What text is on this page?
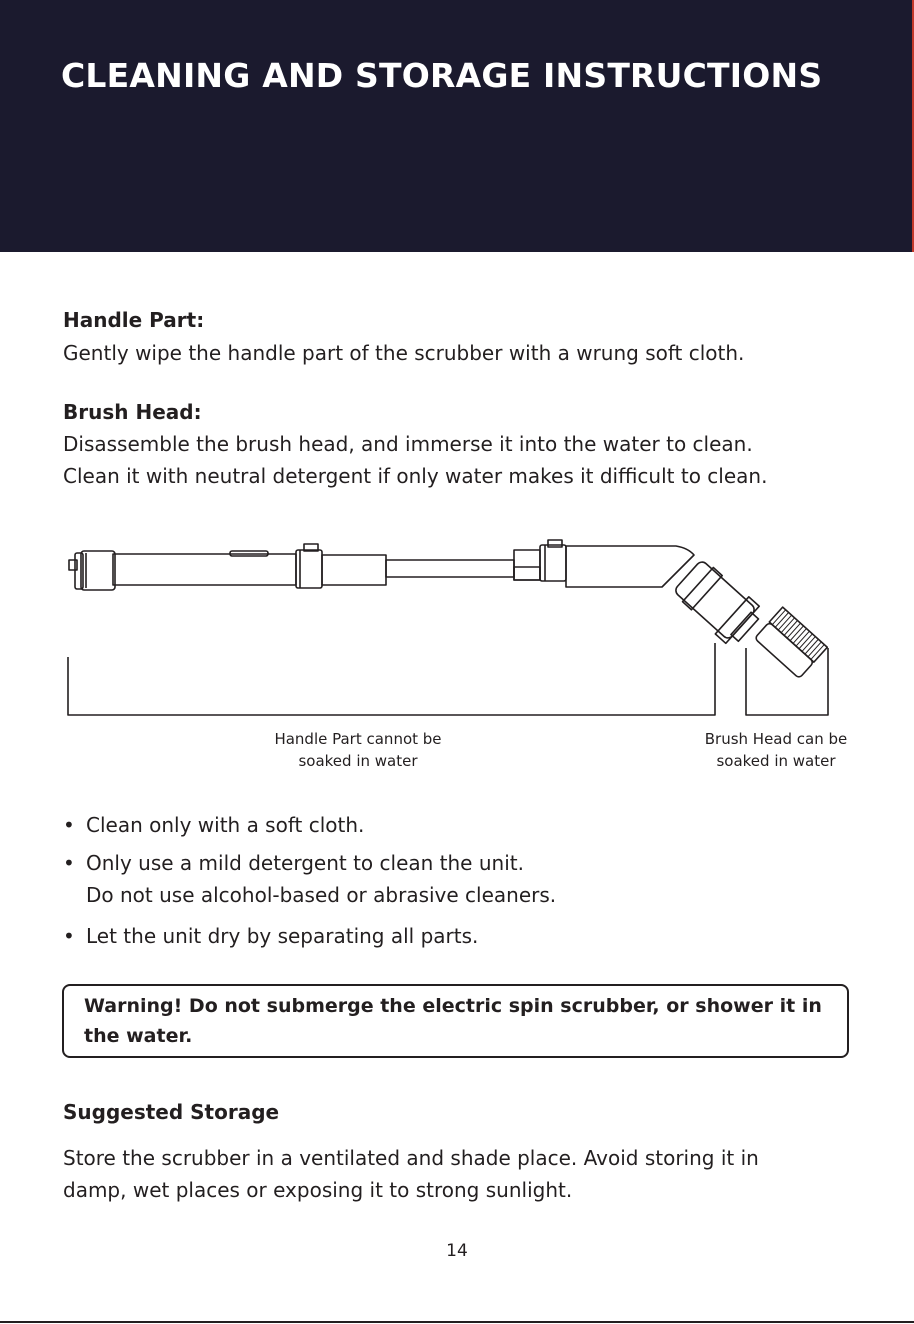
CLEANING AND STORAGE INSTRUCTIONS
Handle Part:
Gently wipe the handle part of the scrubber with a wrung soft cloth.
Brush Head:
Disassemble the brush head, and immerse it into the water to clean.
Clean it with neutral detergent if only water makes it difficult to clean.
Handle Part cannot be
soaked in water
Brush Head can be
soaked in water
• Clean only with a soft cloth.
• Only use a mild detergent to clean the unit.
Do not use alcohol-based or abrasive cleaners.
• Let the unit dry by separating all parts.
Warning! Do not submerge the electric spin scrubber, or shower it in the water.
Suggested Storage
Store the scrubber in a ventilated and shade place. Avoid storing it in
damp, wet places or exposing it to strong sunlight.
14
